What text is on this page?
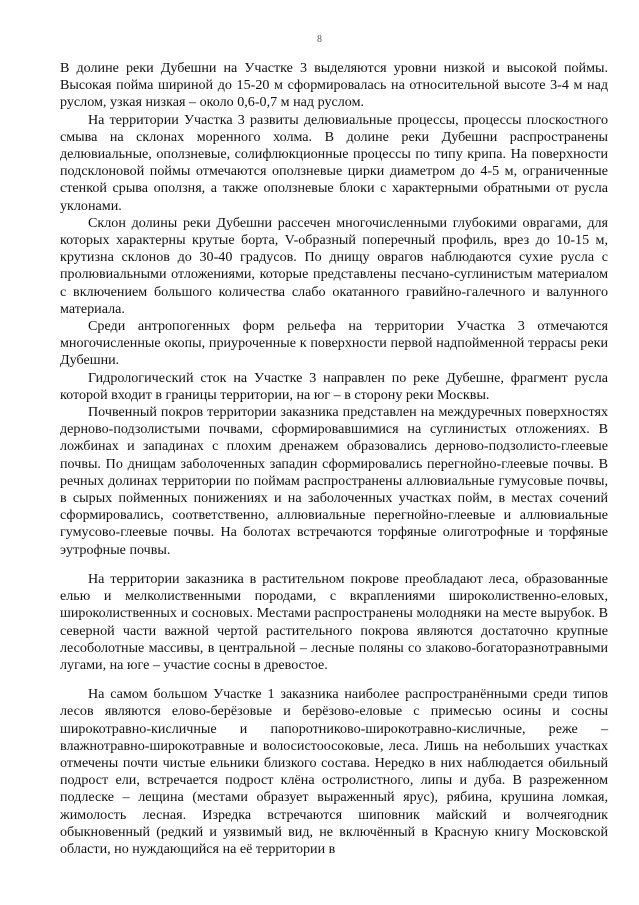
8

В долине реки Дубешни на Участке 3 выделяются уровни низкой и высокой поймы. Высокая пойма шириной до 15-20 м сформировалась на относительной высоте 3-4 м над руслом, узкая низкая – около 0,6-0,7 м над руслом.

На территории Участка 3 развиты делювиальные процессы, процессы плоскостного смыва на склонах моренного холма. В долине реки Дубешни распространены делювиальные, оползневые, солифлюкционные процессы по типу крипа. На поверхности подсклоновой поймы отмечаются оползневые цирки диаметром до 4-5 м, ограниченные стенкой срыва оползня, а также оползневые блоки с характерными обратными от русла уклонами.

Склон долины реки Дубешни рассечен многочисленными глубокими оврагами, для которых характерны крутые борта, V-образный поперечный профиль, врез до 10-15 м, крутизна склонов до 30-40 градусов. По днищу оврагов наблюдаются сухие русла с пролювиальными отложениями, которые представлены песчано-суглинистым материалом с включением большого количества слабо окатанного гравийно-галечного и валунного материала.

Среди антропогенных форм рельефа на территории Участка 3 отмечаются многочисленные окопы, приуроченные к поверхности первой надпойменной террасы реки Дубешни.

Гидрологический сток на Участке 3 направлен по реке Дубешне, фрагмент русла которой входит в границы территории, на юг – в сторону реки Москвы.

Почвенный покров территории заказника представлен на междуречных поверхностях дерново-подзолистыми почвами, сформировавшимися на суглинистых отложениях. В ложбинах и западинах с плохим дренажем образовались дерново-подзолисто-глеевые почвы. По днищам заболоченных западин сформировались перегнойно-глеевые почвы. В речных долинах территории по поймам распространены аллювиальные гумусовые почвы, в сырых пойменных понижениях и на заболоченных участках пойм, в местах сочений сформировались, соответственно, аллювиальные перегнойно-глеевые и аллювиальные гумусово-глеевые почвы. На болотах встречаются торфяные олиготрофные и торфяные эутрофные почвы.

На территории заказника в растительном покрове преобладают леса, образованные елью и мелколиственными породами, с вкраплениями широколиственно-еловых, широколиственных и сосновых. Местами распространены молодняки на месте вырубок. В северной части важной чертой растительного покрова являются достаточно крупные лесоболотные массивы, в центральной – лесные поляны со злаково-богаторазнотравными лугами, на юге – участие сосны в древостое.

На самом большом Участке 1 заказника наиболее распространёнными среди типов лесов являются елово-берёзовые и берёзово-еловые с примесью осины и сосны широкотравно-кисличные и папоротниково-широкотравно-кисличные, реже – влажнотравно-широкотравные и волосистоосоковые, леса. Лишь на небольших участках отмечены почти чистые ельники близкого состава. Нередко в них наблюдается обильный подрост ели, встречается подрост клёна остролистного, липы и дуба. В разреженном подлеске – лещина (местами образует выраженный ярус), рябина, крушина ломкая, жимолость лесная. Изредка встречаются шиповник майский и волчеягодник обыкновенный (редкий и уязвимый вид, не включённый в Красную книгу Московской области, но нуждающийся на её территории в
